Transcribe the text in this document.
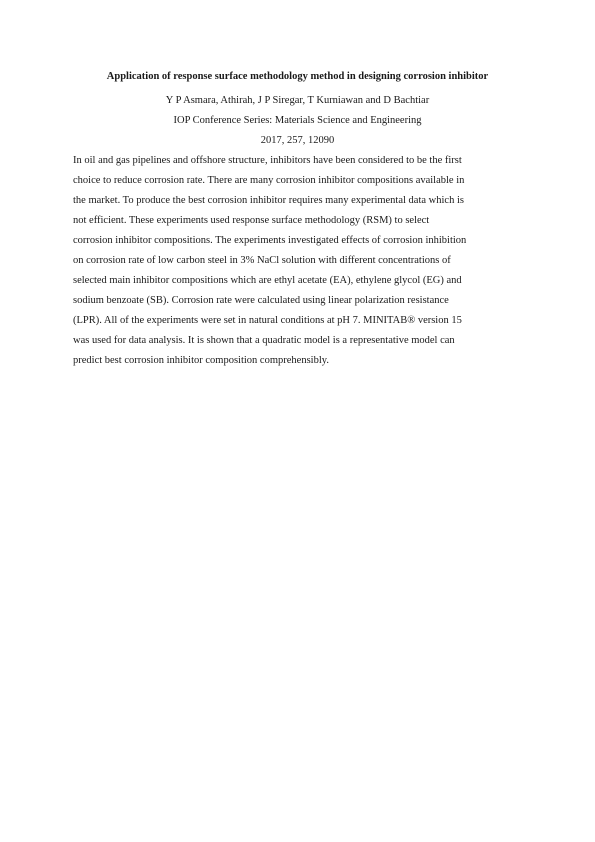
Application of response surface methodology method in designing corrosion inhibitor
Y P Asmara, Athirah, J P Siregar, T Kurniawan and D Bachtiar
IOP Conference Series: Materials Science and Engineering
2017, 257, 12090
In oil and gas pipelines and offshore structure, inhibitors have been considered to be the first
choice to reduce corrosion rate. There are many corrosion inhibitor compositions available in
the market. To produce the best corrosion inhibitor requires many experimental data which is
not efficient. These experiments used response surface methodology (RSM) to select
corrosion inhibitor compositions. The experiments investigated effects of corrosion inhibition
on corrosion rate of low carbon steel in 3% NaCl solution with different concentrations of
selected main inhibitor compositions which are ethyl acetate (EA), ethylene glycol (EG) and
sodium benzoate (SB). Corrosion rate were calculated using linear polarization resistance
(LPR). All of the experiments were set in natural conditions at pH 7. MINITAB® version 15
was used for data analysis. It is shown that a quadratic model is a representative model can
predict best corrosion inhibitor composition comprehensibly.
